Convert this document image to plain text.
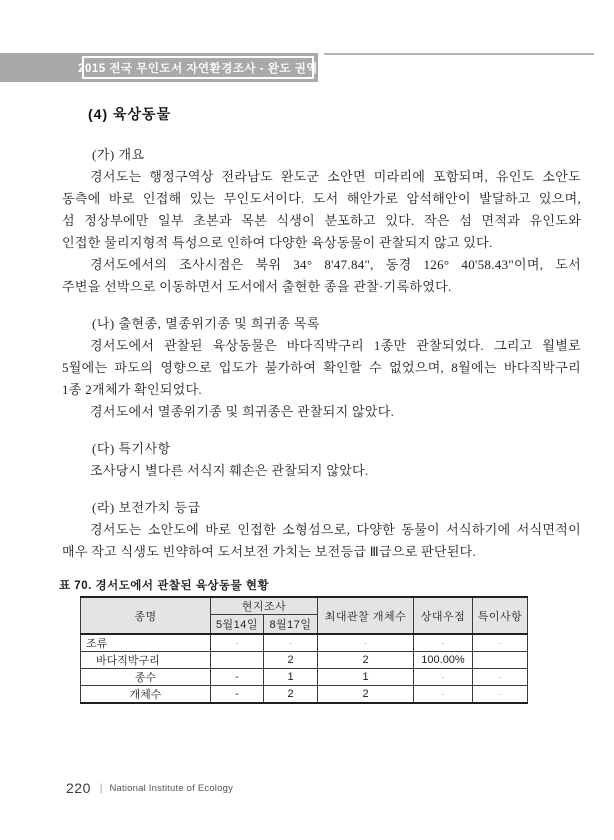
2015 전국 무인도서 자연환경조사 - 완도 권역
(4) 육상동물
(가) 개요
경서도는 행정구역상 전라남도 완도군 소안면 미라리에 포함되며, 유인도 소안도
동측에 바로 인접해 있는 무인도서이다. 도서 해안가로 암석해안이 발달하고 있으며,
섬 정상부에만 일부 초본과 목본 식생이 분포하고 있다. 작은 섬 면적과 유인도와
인접한 물리지형적 특성으로 인하여 다양한 육상동물이 관찰되지 않고 있다.
경서도에서의 조사시점은 북위 34° 8'47.84", 동경 126° 40'58.43"이며, 도서
주변을 선박으로 이동하면서 도서에서 출현한 종을 관찰·기록하였다.
(나) 출현종, 멸종위기종 및 희귀종 목록
경서도에서 관찰된 육상동물은 바다직박구리 1종만 관찰되었다. 그리고 월별로
5월에는 파도의 영향으로 입도가 불가하여 확인할 수 없었으며, 8월에는 바다직박구리
1종 2개체가 확인되었다.
경서도에서 멸종위기종 및 희귀종은 관찰되지 않았다.
(다) 특기사항
조사당시 별다른 서식지 훼손은 관찰되지 않았다.
(라) 보전가치 등급
경서도는 소안도에 바로 인접한 소형섬으로, 다양한 동물이 서식하기에 서식면적이
매우 작고 식생도 빈약하여 도서보전 가치는 보전등급 Ⅲ급으로 판단된다.
표 70. 경서도에서 관찰된 육상동물 현황
종명	현지조사		최대관찰 개체수	상대우점	특이사항
	5월14일	8월17일			
조류	·	·	·	·	·
바다직박구리		2	2	100.00%	
종수	-	1	1	·	·
개체수	-	2	2	·	·
220 | National Institute of Ecology
